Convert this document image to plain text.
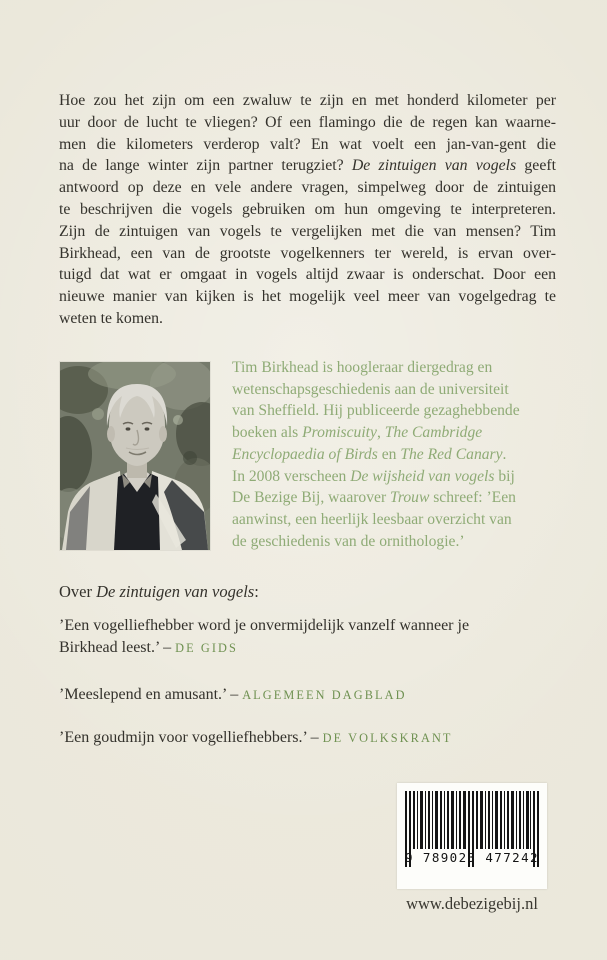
Hoe zou het zijn om een zwaluw te zijn en met honderd kilometer per
uur door de lucht te vliegen? Of een flamingo die de regen kan waarne-
men die kilometers verderop valt? En wat voelt een jan-van-gent die
na de lange winter zijn partner terugziet? De zintuigen van vogels geeft
antwoord op deze en vele andere vragen, simpelweg door de zintuigen
te beschrijven die vogels gebruiken om hun omgeving te interpreteren.
Zijn de zintuigen van vogels te vergelijken met die van mensen? Tim
Birkhead, een van de grootste vogelkenners ter wereld, is ervan over-
tuigd dat wat er omgaat in vogels altijd zwaar is onderschat. Door een
nieuwe manier van kijken is het mogelijk veel meer van vogelgedrag te
weten te komen.
Tim Birkhead is hoogleraar diergedrag en
wetenschapsgeschiedenis aan de universiteit
van Sheffield. Hij publiceerde gezaghebbende
boeken als Promiscuity, The Cambridge
Encyclopaedia of Birds en The Red Canary.
In 2008 verscheen De wijsheid van vogels bij
De Bezige Bij, waarover Trouw schreef: ’Een
aanwinst, een heerlijk leesbaar overzicht van
de geschiedenis van de ornithologie.’
Over De zintuigen van vogels:
’Een vogelliefhebber word je onvermijdelijk vanzelf wanneer je
Birkhead leest.’ – DE GIDS
’Meeslepend en amusant.’ – ALGEMEEN DAGBLAD
’Een goudmijn voor vogelliefhebbers.’ – DE VOLKSKRANT
9 789023 477242
www.debezigebij.nl
